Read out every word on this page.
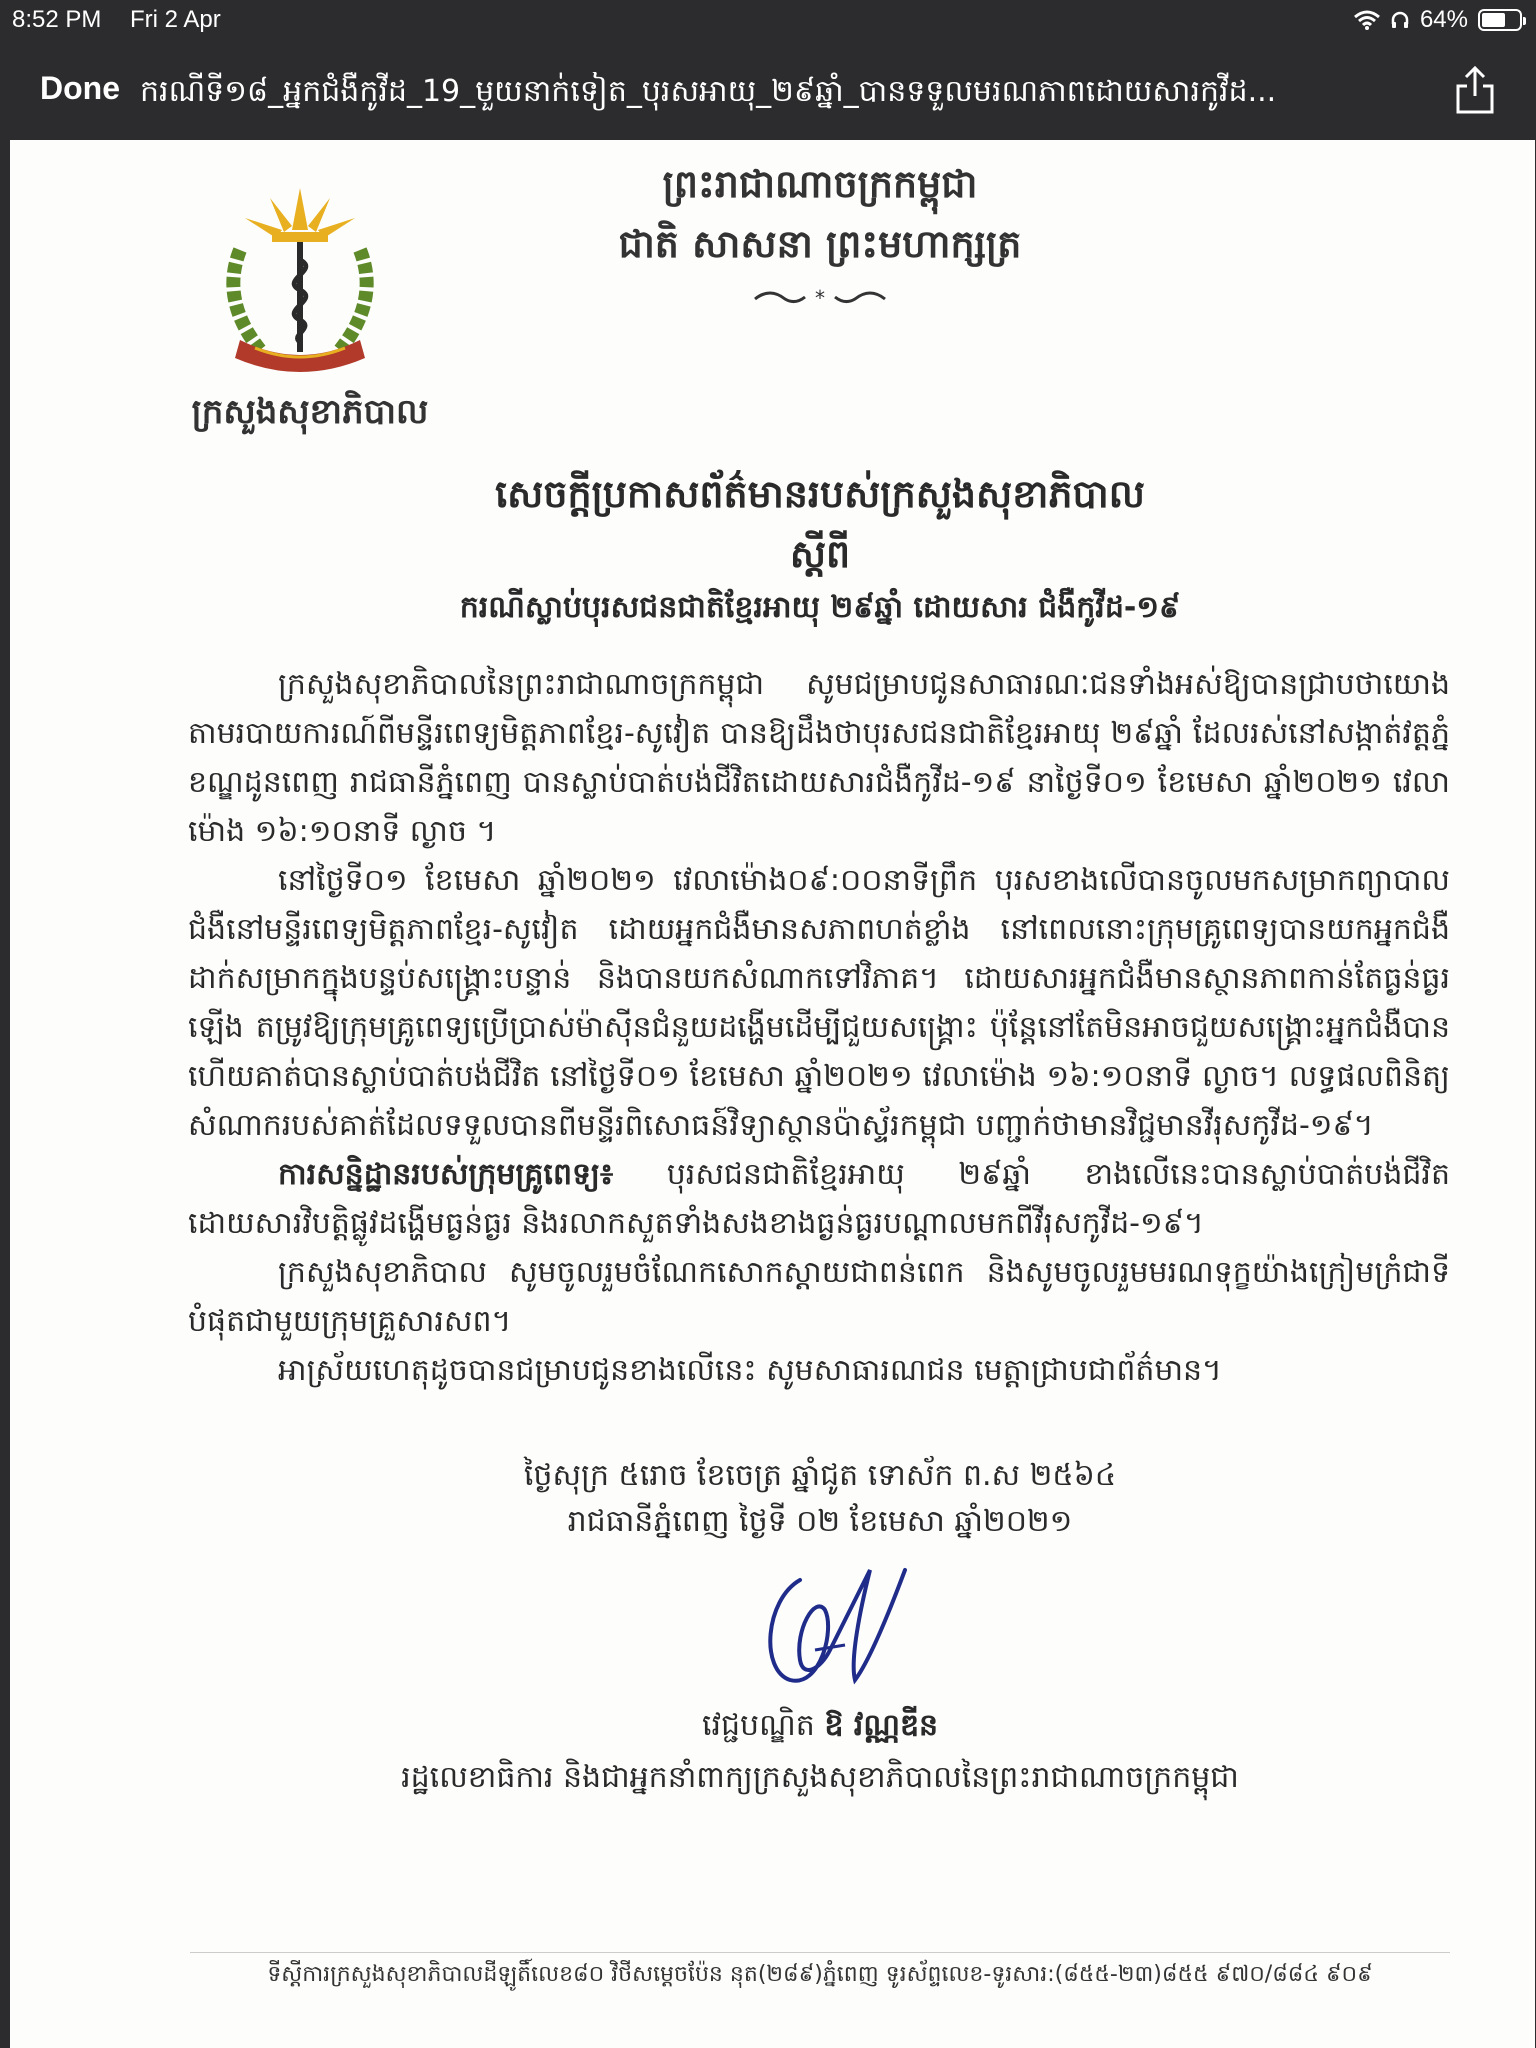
8:52 PM Fri 2 Apr	64%
Done ករណីទី១៨_អ្នកជំងឺកូវីដ_19_មួយនាក់ទៀត_បុរសអាយុ_២៩ឆ្នាំ_បានទទួលមរណភាពដោយសារកូវីដ...
ព្រះរាជាណាចក្រកម្ពុជា
ជាតិ សាសនា ព្រះមហាក្សត្រ
*
ក្រសួងសុខាភិបាល
សេចក្ដីប្រកាសព័ត៌មានរបស់ក្រសួងសុខាភិបាល
ស្ដីពី
ករណីស្លាប់បុរសជនជាតិខ្មែរអាយុ ២៩ឆ្នាំ ដោយសារ ជំងឺកូវីដ-១៩

ក្រសួងសុខាភិបាលនៃព្រះរាជាណាចក្រកម្ពុជា សូមជម្រាបជូនសាធារណៈជនទាំងអស់ឱ្យបានជ្រាបថាយោងតាមរបាយការណ៍ពីមន្ទីរពេទ្យមិត្តភាពខ្មែរ-សូវៀត បានឱ្យដឹងថាបុរសជនជាតិខ្មែរអាយុ ២៩ឆ្នាំ ដែលរស់នៅសង្កាត់វត្តភ្នំ ខណ្ឌដូនពេញ រាជធានីភ្នំពេញ បានស្លាប់បាត់បង់ជីវិតដោយសារជំងឺកូវីដ-១៩ នាថ្ងៃទី០១ ខែមេសា ឆ្នាំ២០២១ វេលាម៉ោង ១៦:១០នាទី ល្ងាច ។

នៅថ្ងៃទី០១ ខែមេសា ឆ្នាំ២០២១ វេលាម៉ោង០៩:០០នាទីព្រឹក បុរសខាងលើបានចូលមកសម្រាកព្យាបាលជំងឺនៅមន្ទីរពេទ្យមិត្តភាពខ្មែរ-សូវៀត ដោយអ្នកជំងឺមានសភាពហត់ខ្លាំង នៅពេលនោះក្រុមគ្រូពេទ្យបានយកអ្នកជំងឺដាក់សម្រាកក្នុងបន្ទប់សង្គ្រោះបន្ទាន់ និងបានយកសំណាកទៅវិភាគ។ ដោយសារអ្នកជំងឺមានស្ថានភាពកាន់តែធ្ងន់ធ្ងរឡើង តម្រូវឱ្យក្រុមគ្រូពេទ្យប្រើប្រាស់ម៉ាស៊ីនជំនួយដង្ហើមដើម្បីជួយសង្គ្រោះ ប៉ុន្តែនៅតែមិនអាចជួយសង្គ្រោះអ្នកជំងឺបាន ហើយគាត់បានស្លាប់បាត់បង់ជីវិត នៅថ្ងៃទី០១ ខែមេសា ឆ្នាំ២០២១ វេលាម៉ោង ១៦:១០នាទី ល្ងាច។ លទ្ធផលពិនិត្យសំណាករបស់គាត់ដែលទទួលបានពីមន្ទីរពិសោធន៍វិទ្យាស្ថានប៉ាស្ទ័រកម្ពុជា បញ្ជាក់ថាមានវិជ្ជមានវីរុសកូវីដ-១៩។

ការសន្និដ្ឋានរបស់ក្រុមគ្រូពេទ្យ៖ បុរសជនជាតិខ្មែរអាយុ ២៩ឆ្នាំ ខាងលើនេះបានស្លាប់បាត់បង់ជីវិតដោយសារវិបត្តិផ្លូវដង្ហើមធ្ងន់ធ្ងរ និងរលាកសួតទាំងសងខាងធ្ងន់ធ្ងរបណ្ដាលមកពីវីរុសកូវីដ-១៩។

ក្រសួងសុខាភិបាល សូមចូលរួមចំណែកសោកស្ដាយជាពន់ពេក និងសូមចូលរួមមរណទុក្ខយ៉ាងក្រៀមក្រំជាទីបំផុតជាមួយក្រុមគ្រួសារសព។

អាស្រ័យហេតុដូចបានជម្រាបជូនខាងលើនេះ សូមសាធារណជន មេត្តាជ្រាបជាព័ត៌មាន។

ថ្ងៃសុក្រ ៥រោច ខែចេត្រ ឆ្នាំជូត ទោស័ក ព.ស ២៥៦៤
រាជធានីភ្នំពេញ ថ្ងៃទី ០២ ខែមេសា ឆ្នាំ២០២១
វេជ្ជបណ្ឌិត ឱ វណ្ណឌីន
រដ្ឋលេខាធិការ និងជាអ្នកនាំពាក្យក្រសួងសុខាភិបាលនៃព្រះរាជាណាចក្រកម្ពុជា
ទីស្ដីការក្រសួងសុខាភិបាលដីឡូតិ៍លេខ៨០ វិថីសម្ដេចប៉ែន នុត(២៨៩)ភ្នំពេញ ទូរស័ព្ទលេខ-ទូរសារ:(៨៥៥-២៣)៨៥៥ ៩៧០/៨៨៤ ៩០៩
